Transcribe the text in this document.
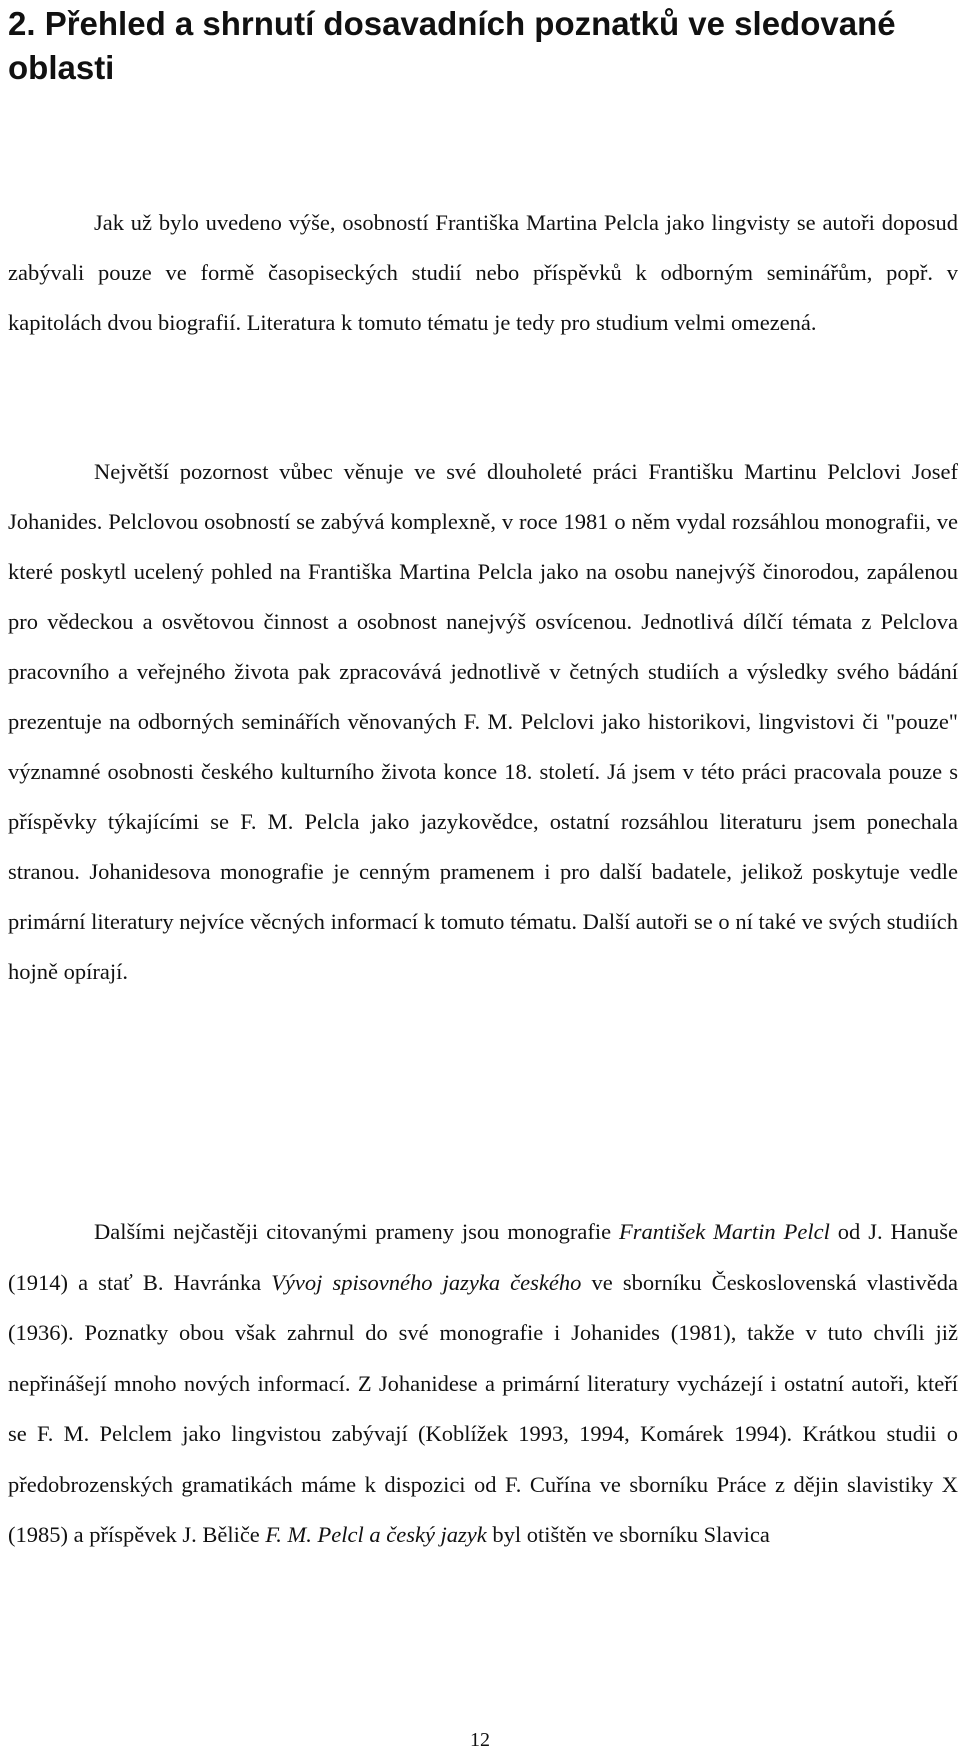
2. Přehled a shrnutí dosavadních poznatků ve sledované oblasti

Jak už bylo uvedeno výše, osobností Františka Martina Pelcla jako lingvisty se autoři doposud zabývali pouze ve formě časopiseckých studií nebo příspěvků k odborným seminářům, popř. v kapitolách dvou biografií. Literatura k tomuto tématu je tedy pro studium velmi omezená.

Největší pozornost vůbec věnuje ve své dlouholeté práci Františku Martinu Pelclovi Josef Johanides. Pelclovou osobností se zabývá komplexně, v roce 1981 o něm vydal rozsáhlou monografii, ve které poskytl ucelený pohled na Františka Martina Pelcla jako na osobu nanejvýš činorodou, zapálenou pro vědeckou a osvětovou činnost a osobnost nanejvýš osvícenou. Jednotlivá dílčí témata z Pelclova pracovního a veřejného života pak zpracovává jednotlivě v četných studiích a výsledky svého bádání prezentuje na odborných seminářích věnovaných F. M. Pelclovi jako historikovi, lingvistovi či "pouze" významné osobnosti českého kulturního života konce 18. století. Já jsem v této práci pracovala pouze s příspěvky týkajícími se F. M. Pelcla jako jazykovědce, ostatní rozsáhlou literaturu jsem ponechala stranou. Johanidesova monografie je cenným pramenem i pro další badatele, jelikož poskytuje vedle primární literatury nejvíce věcných informací k tomuto tématu. Další autoři se o ní také ve svých studiích hojně opírají.

Dalšími nejčastěji citovanými prameny jsou monografie František Martin Pelcl od J. Hanuše (1914) a stať B. Havránka Vývoj spisovného jazyka českého ve sborníku Československá vlastivěda (1936). Poznatky obou však zahrnul do své monografie i Johanides (1981), takže v tuto chvíli již nepřinášejí mnoho nových informací. Z Johanidese a primární literatury vycházejí i ostatní autoři, kteří se F. M. Pelclem jako lingvistou zabývají (Koblížek 1993, 1994, Komárek 1994). Krátkou studii o předobrozenských gramatikách máme k dispozici od F. Cuřína ve sborníku Práce z dějin slavistiky X (1985) a příspěvek J. Běliče F. M. Pelcl a český jazyk byl otištěn ve sborníku Slavica

12
